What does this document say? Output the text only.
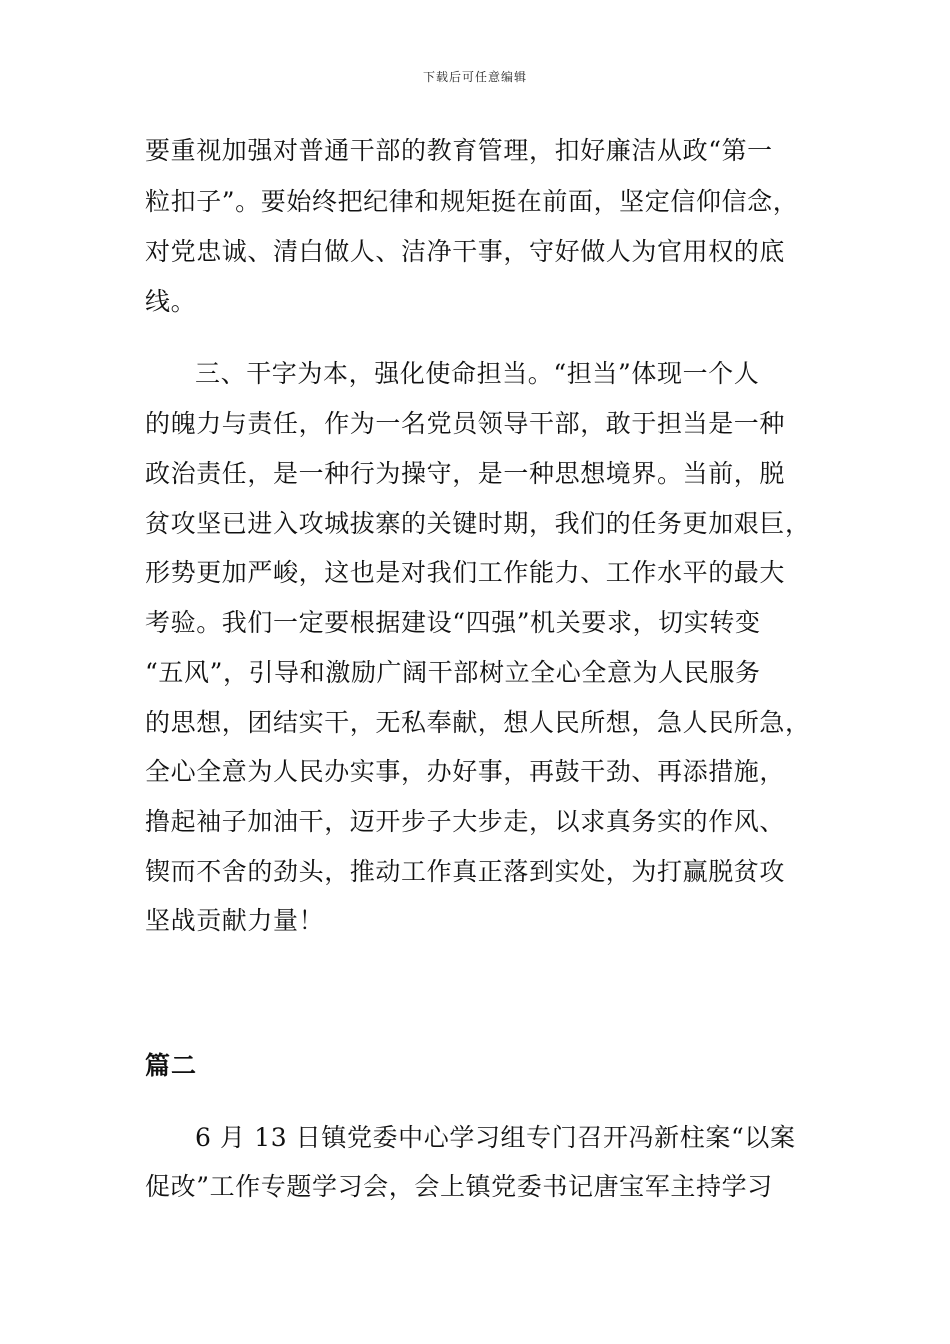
下载后可任意编辑
要重视加强对普通干部的教育管理，扣好廉洁从政“第一
粒扣子”。要始终把纪律和规矩挺在前面，坚定信仰信念，
对党忠诚、清白做人、洁净干事，守好做人为官用权的底
线。
三、干字为本，强化使命担当。“担当”体现一个人
的魄力与责任，作为一名党员领导干部，敢于担当是一种
政治责任，是一种行为操守，是一种思想境界。当前，脱
贫攻坚已进入攻城拔寨的关键时期，我们的任务更加艰巨，
形势更加严峻，这也是对我们工作能力、工作水平的最大
考验。我们一定要根据建设“四强”机关要求，切实转变
“五风”，引导和激励广阔干部树立全心全意为人民服务
的思想，团结实干，无私奉献，想人民所想，急人民所急，
全心全意为人民办实事，办好事，再鼓干劲、再添措施，
撸起袖子加油干，迈开步子大步走，以求真务实的作风、
锲而不舍的劲头，推动工作真正落到实处，为打赢脱贫攻
坚战贡献力量！
篇二
6 月 13 日镇党委中心学习组专门召开冯新柱案“以案
促改”工作专题学习会，会上镇党委书记唐宝军主持学习
